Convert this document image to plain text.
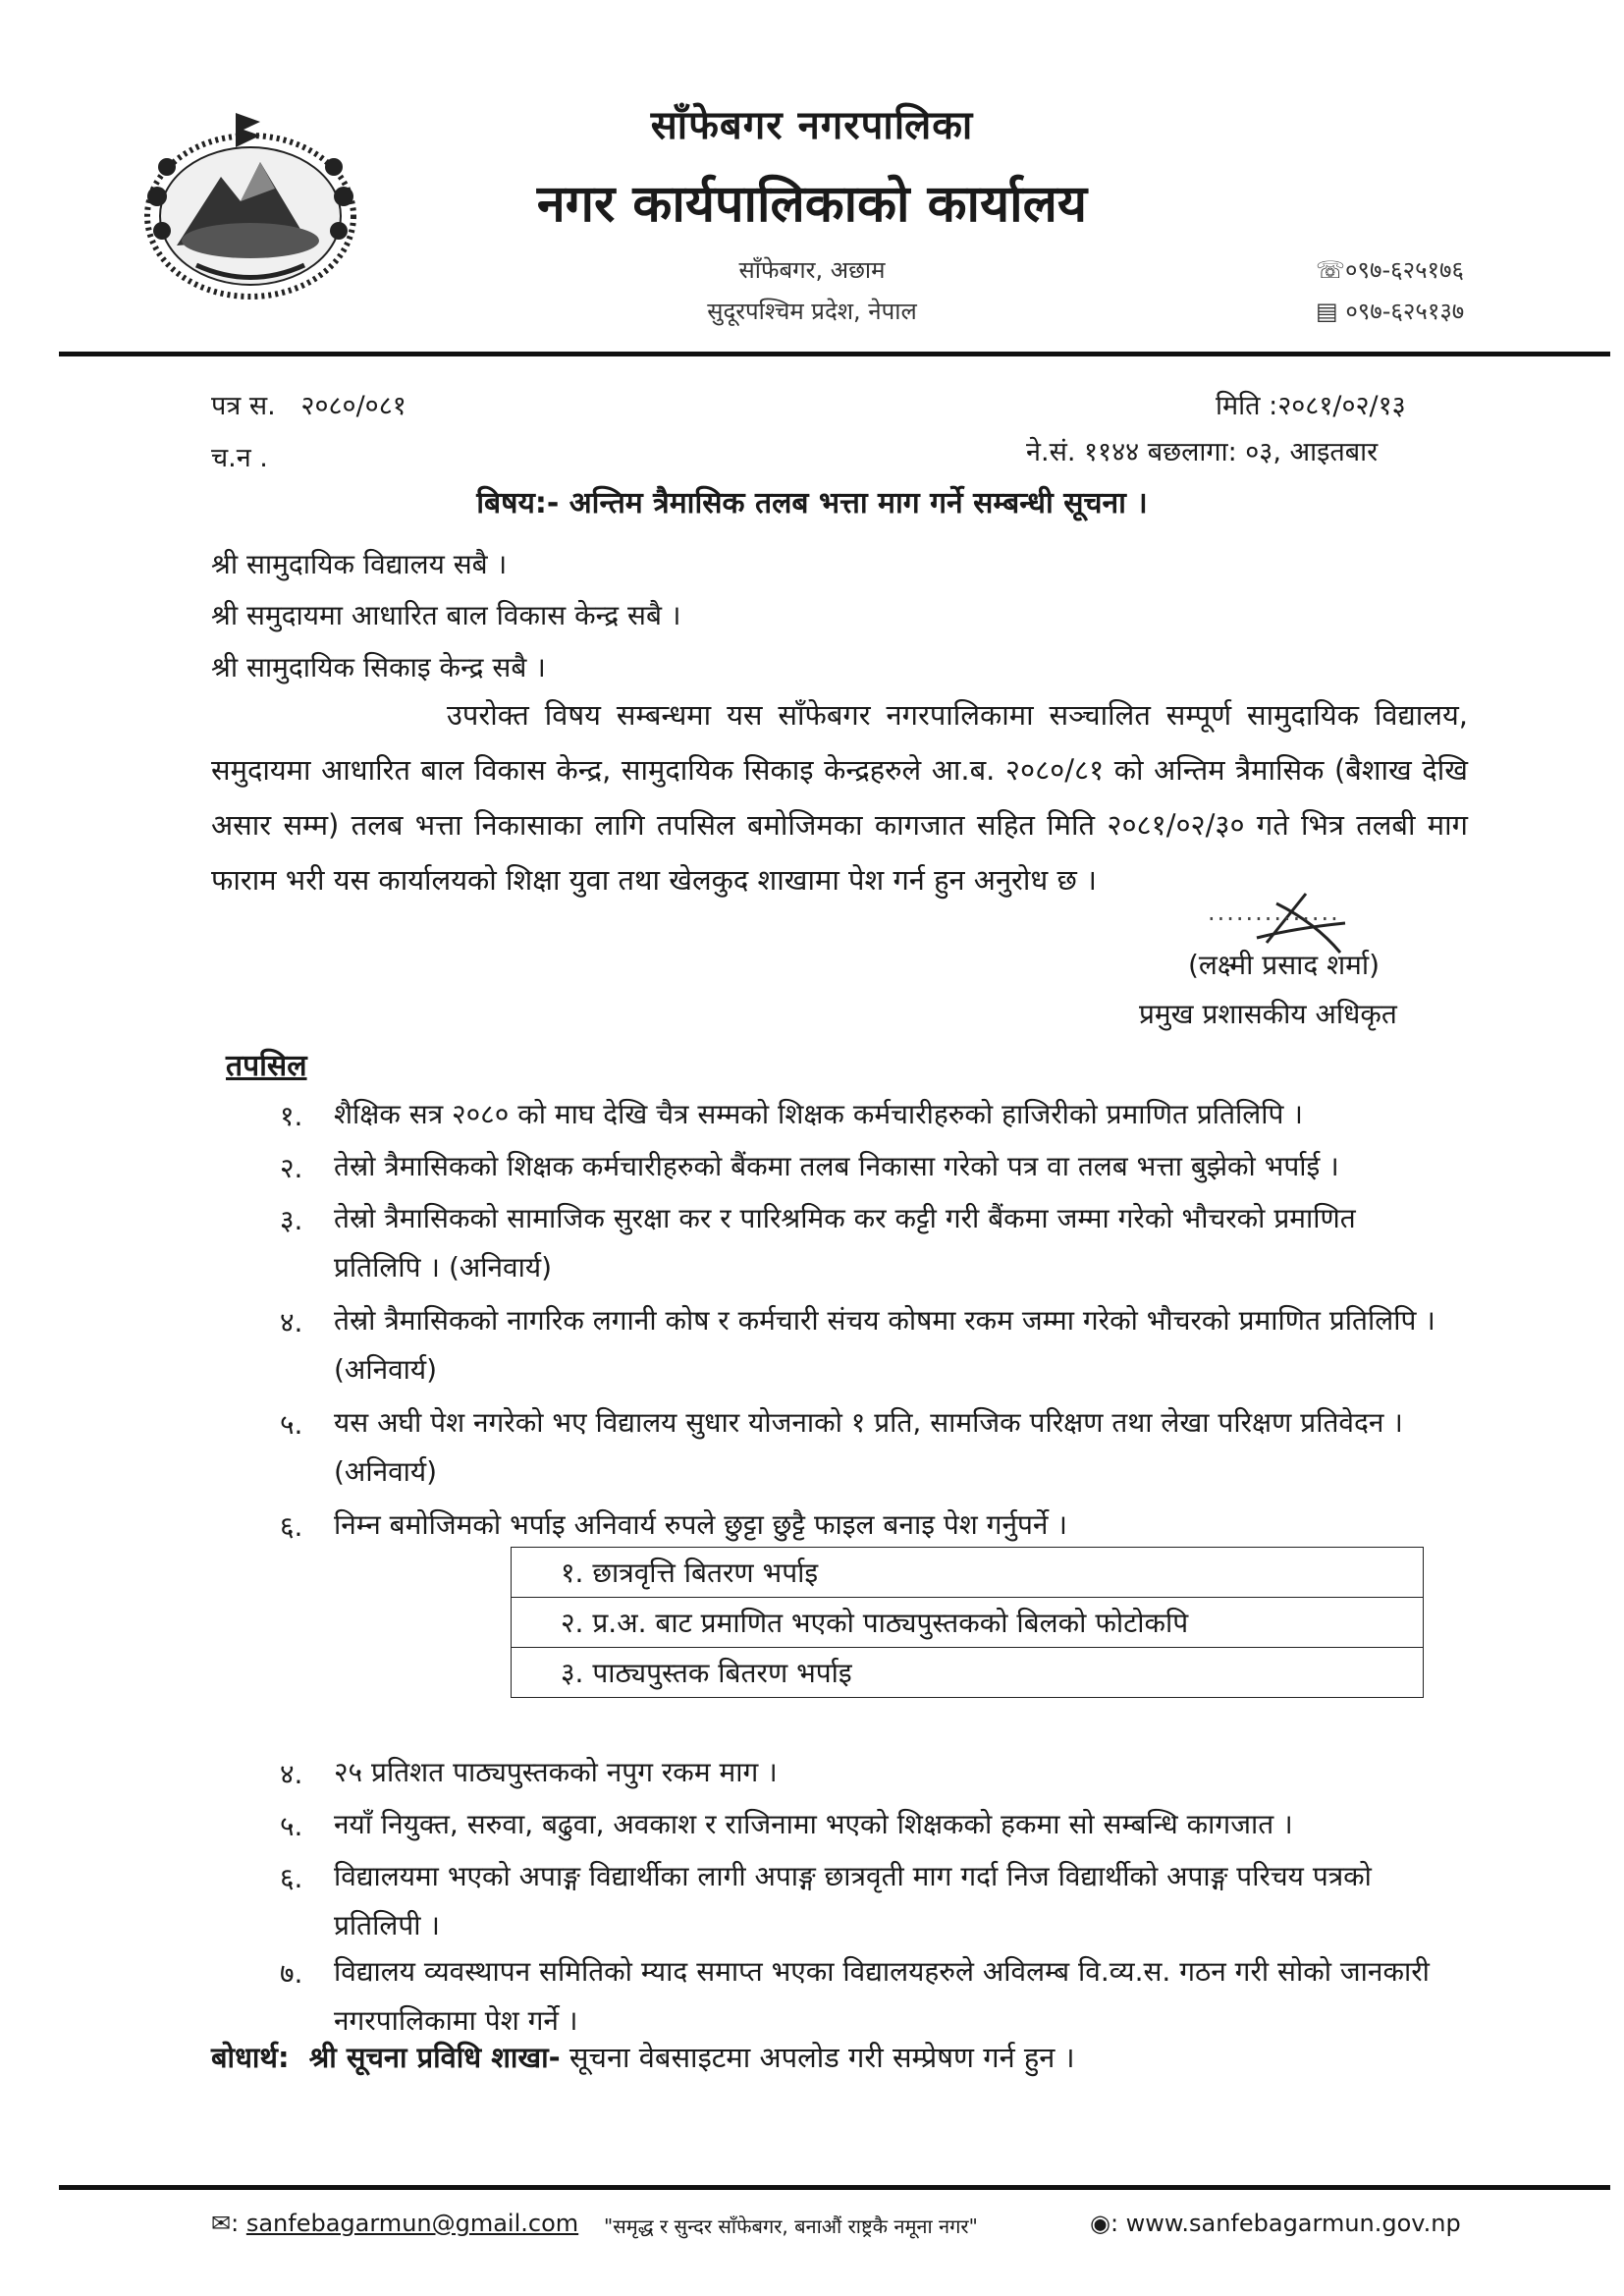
साँफेबगर नगरपालिका
नगर कार्यपालिकाको कार्यालय
साँफेबगर, अछाम
सुदूरपश्चिम प्रदेश, नेपाल
☏०९७-६२५१७६
▤ ०९७-६२५१३७
पत्र स. २०८०/०८१	मिति :२०८१/०२/१३
च.न .	ने.सं. ११४४ बछलागा: ०३, आइतबार
बिषय:- अन्तिम त्रैमासिक तलब भत्ता माग गर्ने सम्बन्धी सूचना ।
श्री सामुदायिक विद्यालय सबै ।
श्री समुदायमा आधारित बाल विकास केन्द्र सबै ।
श्री सामुदायिक सिकाइ केन्द्र सबै ।

उपरोक्त विषय सम्बन्धमा यस साँफेबगर नगरपालिकामा सञ्चालित सम्पूर्ण सामुदायिक विद्यालय, समुदायमा आधारित बाल विकास केन्द्र, सामुदायिक सिकाइ केन्द्रहरुले आ.ब. २०८०/८१ को अन्तिम त्रैमासिक (बैशाख देखि असार सम्म) तलब भत्ता निकासाका लागि तपसिल बमोजिमका कागजात सहित मिति २०८१/०२/३० गते भित्र तलबी माग फाराम भरी यस कार्यालयको शिक्षा युवा तथा खेलकुद शाखामा पेश गर्न हुन अनुरोध छ ।

..............
(लक्ष्मी प्रसाद शर्मा)
प्रमुख प्रशासकीय अधिकृत
तपसिल
१.	शैक्षिक सत्र २०८० को माघ देखि चैत्र सम्मको शिक्षक कर्मचारीहरुको हाजिरीको प्रमाणित प्रतिलिपि ।
२.	तेस्रो त्रैमासिकको शिक्षक कर्मचारीहरुको बैंकमा तलब निकासा गरेको पत्र वा तलब भत्ता बुझेको भर्पाई ।
३.	तेस्रो त्रैमासिकको सामाजिक सुरक्षा कर र पारिश्रमिक कर कट्टी गरी बैंकमा जम्मा गरेको भौचरको प्रमाणित प्रतिलिपि । (अनिवार्य)
४.	तेस्रो त्रैमासिकको नागरिक लगानी कोष र कर्मचारी संचय कोषमा रकम जम्मा गरेको भौचरको प्रमाणित प्रतिलिपि । (अनिवार्य)
५.	यस अघी पेश नगरेको भए विद्यालय सुधार योजनाको १ प्रति, सामजिक परिक्षण तथा लेखा परिक्षण प्रतिवेदन । (अनिवार्य)
६.	निम्न बमोजिमको भर्पाइ अनिवार्य रुपले छुट्टा छुट्टै फाइल बनाइ पेश गर्नुपर्ने ।
१. छात्रवृत्ति बितरण भर्पाइ
२. प्र.अ. बाट प्रमाणित भएको पाठ्यपुस्तकको बिलको फोटोकपि
३. पाठ्यपुस्तक बितरण भर्पाइ
४.	२५ प्रतिशत पाठ्यपुस्तकको नपुग रकम माग ।
५.	नयाँ नियुक्त, सरुवा, बढुवा, अवकाश र राजिनामा भएको शिक्षकको हकमा सो सम्बन्धि कागजात ।
६.	विद्यालयमा भएको अपाङ्ग विद्यार्थीका लागी अपाङ्ग छात्रवृती माग गर्दा निज विद्यार्थीको अपाङ्ग परिचय पत्रको प्रतिलिपी ।
७.	विद्यालय व्यवस्थापन समितिको म्याद समाप्त भएका विद्यालयहरुले अविलम्ब वि.व्य.स. गठन गरी सोको जानकारी नगरपालिकामा पेश गर्ने ।
बोधार्थ: श्री सूचना प्रविधि शाखा- सूचना वेबसाइटमा अपलोड गरी सम्प्रेषण गर्न हुन ।
✉: sanfebagarmun@gmail.com "समृद्ध र सुन्दर साँफेबगर, बनाऔं राष्ट्रकै नमूना नगर"	◉: www.sanfebagarmun.gov.np
